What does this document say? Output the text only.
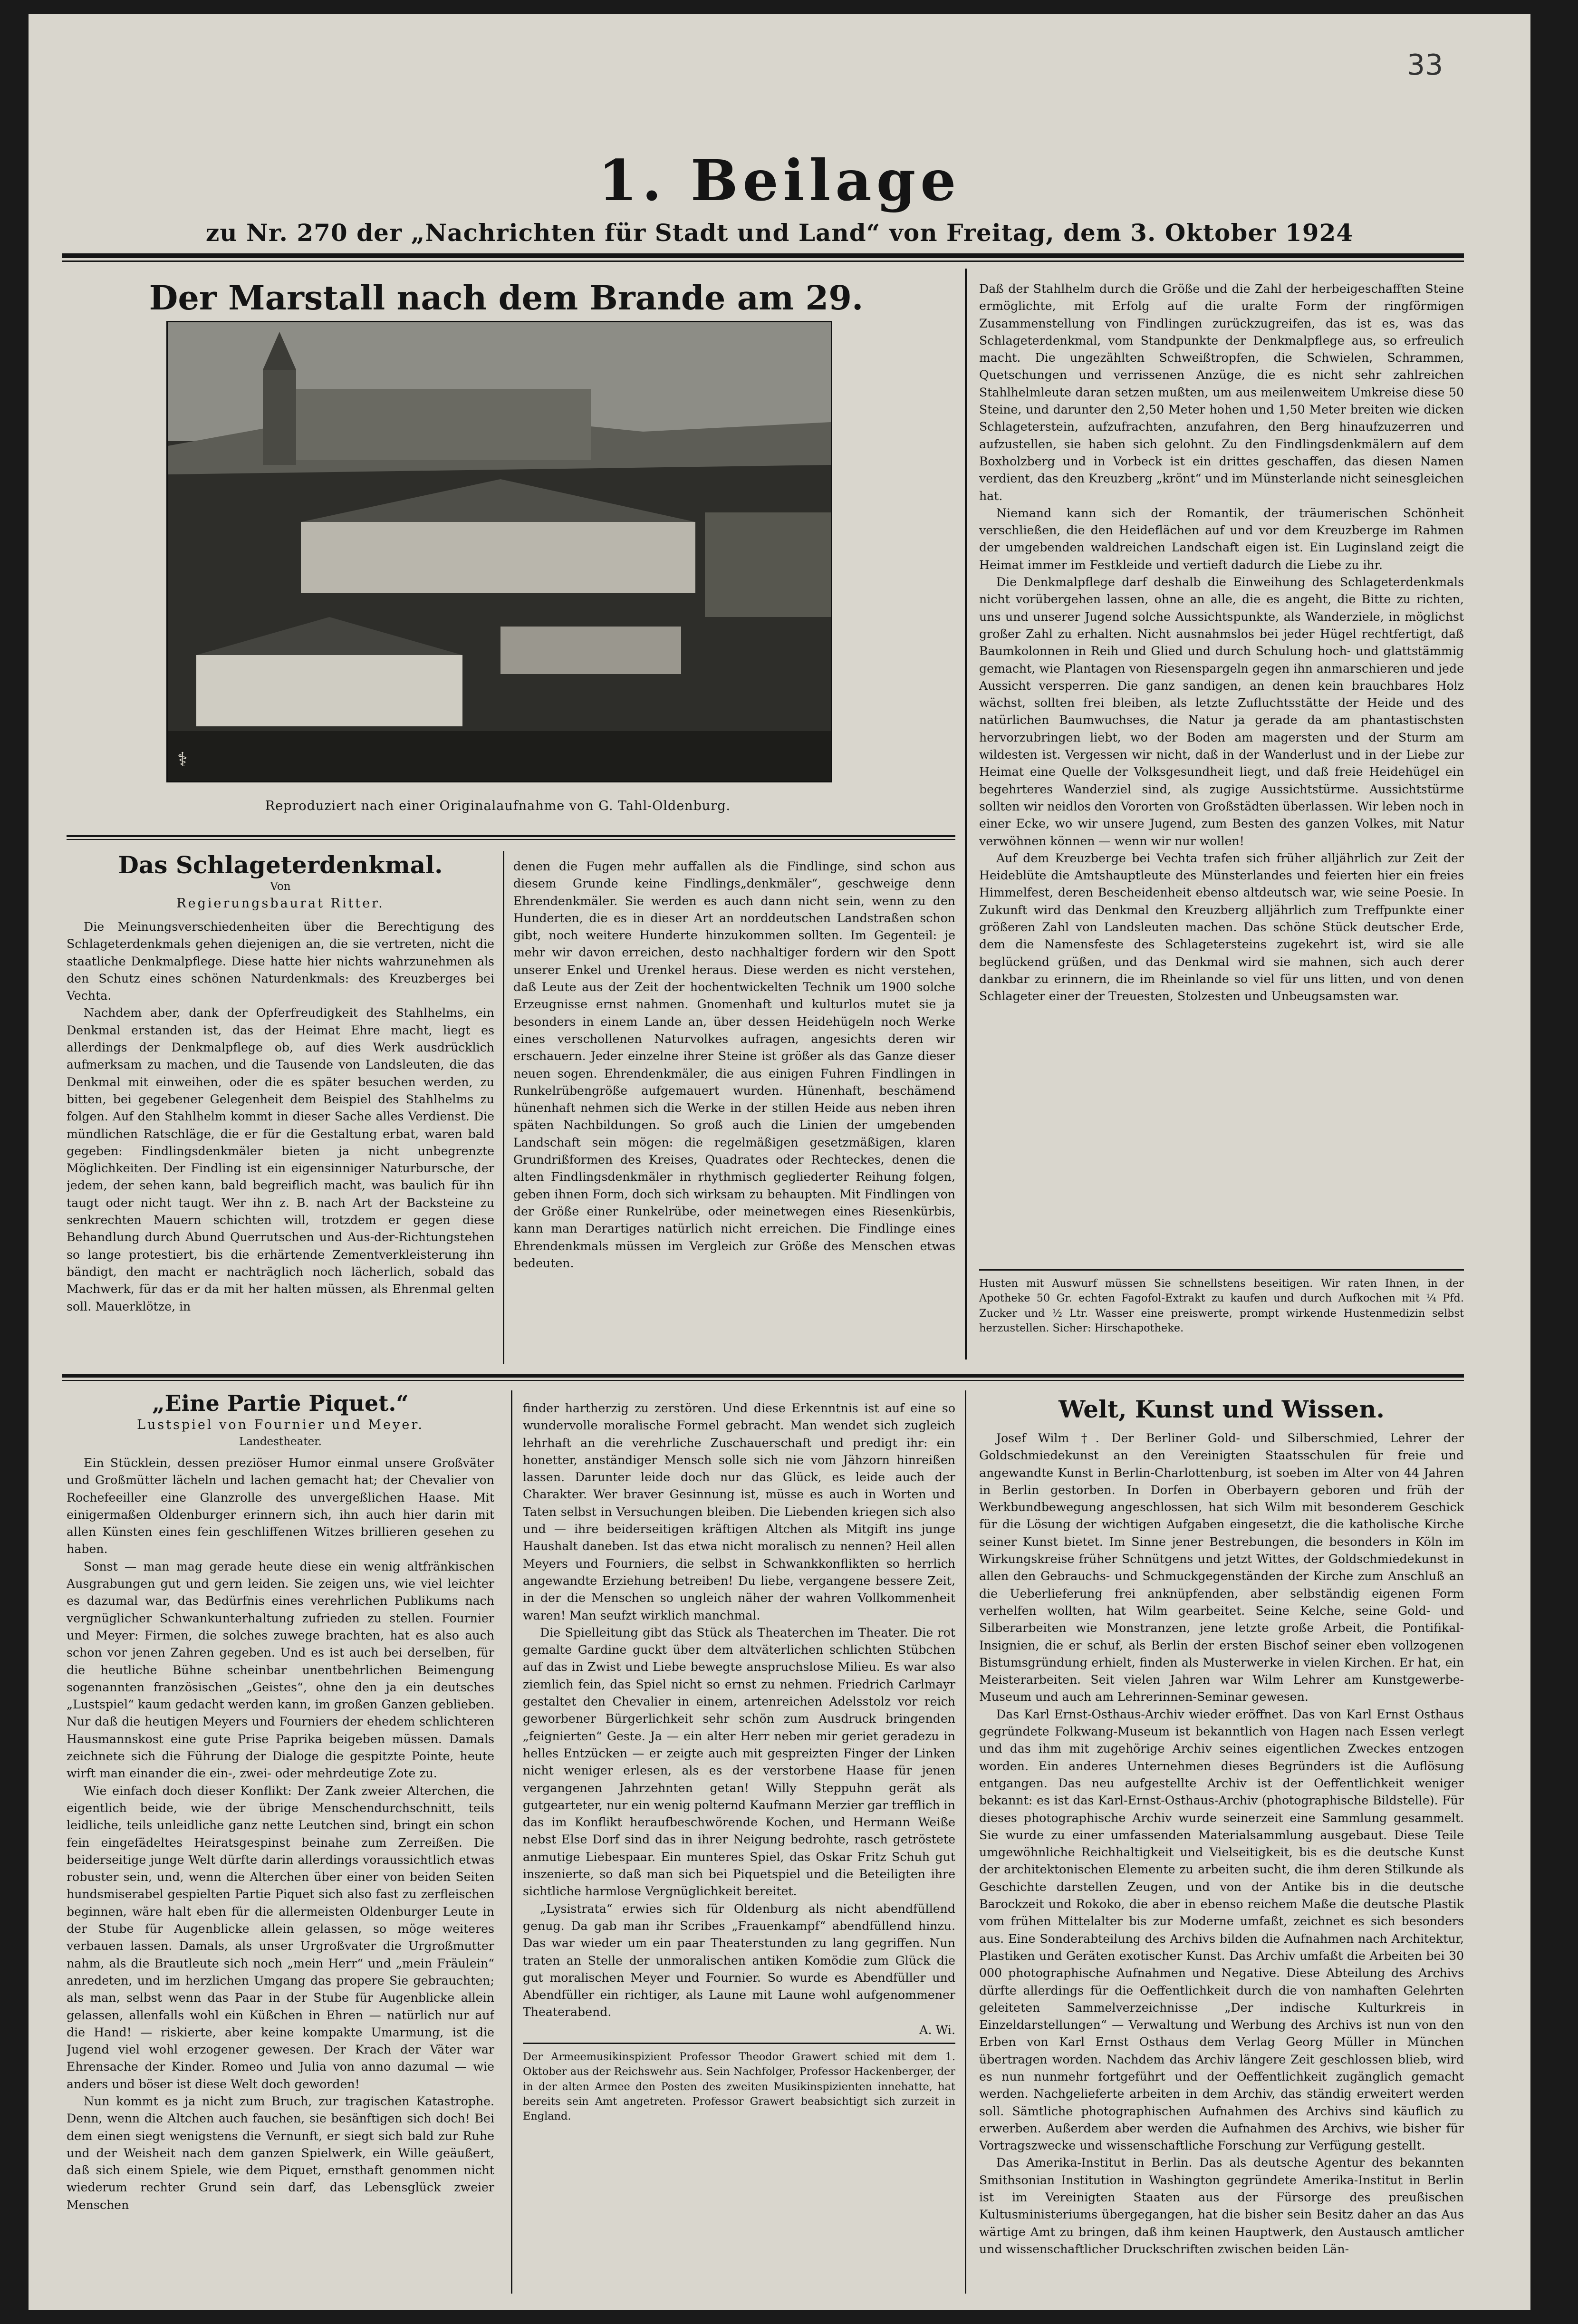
33
1. Beilage
zu Nr. 270 der „Nachrichten für Stadt und Land“ von Freitag, dem 3. Oktober 1924
Der Marstall nach dem Brande am 29.
⚕
Reproduziert nach einer Originalaufnahme von G. Tahl-Oldenburg.

Daß der Stahlhelm durch die Größe und die Zahl der herbeigeschafften Steine ermöglichte, mit Erfolg auf die uralte Form der ringförmigen Zusammenstellung von Findlingen zurückzugreifen, das ist es, was das Schlageterdenkmal, vom Standpunkte der Denkmalpflege aus, so erfreulich macht. Die ungezählten Schweißtropfen, die Schwielen, Schrammen, Quetschungen und verrissenen Anzüge, die es nicht sehr zahlreichen Stahlhelmleute daran setzen mußten, um aus meilenweitem Umkreise diese 50 Steine, und darunter den 2,50 Meter hohen und 1,50 Meter breiten wie dicken Schlageterstein, aufzufrachten, anzufahren, den Berg hinaufzuzerren und aufzustellen, sie haben sich gelohnt. Zu den Findlingsdenkmälern auf dem Boxholzberg und in Vorbeck ist ein drittes geschaffen, das diesen Namen verdient, das den Kreuzberg „krönt“ und im Münsterlande nicht seinesgleichen hat.

Niemand kann sich der Romantik, der träumerischen Schönheit verschließen, die den Heideflächen auf und vor dem Kreuzberge im Rahmen der umgebenden waldreichen Landschaft eigen ist. Ein Luginsland zeigt die Heimat immer im Festkleide und vertieft dadurch die Liebe zu ihr.

Die Denkmalpflege darf deshalb die Einweihung des Schlageterdenkmals nicht vorübergehen lassen, ohne an alle, die es angeht, die Bitte zu richten, uns und unserer Jugend solche Aussichtspunkte, als Wanderziele, in möglichst großer Zahl zu erhalten. Nicht ausnahmslos bei jeder Hügel rechtfertigt, daß Baumkolonnen in Reih und Glied und durch Schulung hoch- und glattstämmig gemacht, wie Plantagen von Riesenspargeln gegen ihn anmarschieren und jede Aussicht versperren. Die ganz sandigen, an denen kein brauchbares Holz wächst, sollten frei bleiben, als letzte Zufluchtsstätte der Heide und des natürlichen Baumwuchses, die Natur ja gerade da am phantastischsten hervorzubringen liebt, wo der Boden am magersten und der Sturm am wildesten ist. Vergessen wir nicht, daß in der Wanderlust und in der Liebe zur Heimat eine Quelle der Volksgesundheit liegt, und daß freie Heidehügel ein begehrteres Wanderziel sind, als zugige Aussichtstürme. Aussichtstürme sollten wir neidlos den Vororten von Großstädten überlassen. Wir leben noch in einer Ecke, wo wir unsere Jugend, zum Besten des ganzen Volkes, mit Natur verwöhnen können — wenn wir nur wollen!

Auf dem Kreuzberge bei Vechta trafen sich früher alljährlich zur Zeit der Heideblüte die Amtshauptleute des Münsterlandes und feierten hier ein freies Himmelfest, deren Bescheidenheit ebenso altdeutsch war, wie seine Poesie. In Zukunft wird das Denkmal den Kreuzberg alljährlich zum Treffpunkte einer größeren Zahl von Landsleuten machen. Das schöne Stück deutscher Erde, dem die Namensfeste des Schlagetersteins zugekehrt ist, wird sie alle beglückend grüßen, und das Denkmal wird sie mahnen, sich auch derer dankbar zu erinnern, die im Rheinlande so viel für uns litten, und von denen Schlageter einer der Treuesten, Stolzesten und Unbeugsamsten war.

Husten mit Auswurf müssen Sie schnellstens beseitigen. Wir raten Ihnen, in der Apotheke 50 Gr. echten Fagofol-Extrakt zu kaufen und durch Aufkochen mit ¼ Pfd. Zucker und ½ Ltr. Wasser eine preiswerte, prompt wirkende Hustenmedizin selbst herzustellen. Sicher: Hirschapotheke.
Das Schlageterdenkmal.
Von
Regierungsbaurat Ritter.

Die Meinungsverschiedenheiten über die Berechtigung des Schlageterdenkmals gehen diejenigen an, die sie vertreten, nicht die staatliche Denkmalpflege. Diese hatte hier nichts wahrzunehmen als den Schutz eines schönen Naturdenkmals: des Kreuzberges bei Vechta.

Nachdem aber, dank der Opferfreudigkeit des Stahlhelms, ein Denkmal erstanden ist, das der Heimat Ehre macht, liegt es allerdings der Denkmalpflege ob, auf dies Werk ausdrücklich aufmerksam zu machen, und die Tausende von Landsleuten, die das Denkmal mit einweihen, oder die es später besuchen werden, zu bitten, bei gegebener Gelegenheit dem Beispiel des Stahlhelms zu folgen. Auf den Stahlhelm kommt in dieser Sache alles Verdienst. Die mündlichen Ratschläge, die er für die Gestaltung erbat, waren bald gegeben: Findlingsdenkmäler bieten ja nicht unbegrenzte Möglichkeiten. Der Findling ist ein eigensinniger Naturbursche, der jedem, der sehen kann, bald begreiflich macht, was baulich für ihn taugt oder nicht taugt. Wer ihn z. B. nach Art der Backsteine zu senkrechten Mauern schichten will, trotzdem er gegen diese Behandlung durch Abund Querrutschen und Aus-der-Richtungstehen so lange protestiert, bis die erhärtende Zementverkleisterung ihn bändigt, den macht er nachträglich noch lächerlich, sobald das Machwerk, für das er da mit her halten müssen, als Ehrenmal gelten soll. Mauerklötze, in

denen die Fugen mehr auffallen als die Findlinge, sind schon aus diesem Grunde keine Findlings„denkmäler“, geschweige denn Ehrendenkmäler. Sie werden es auch dann nicht sein, wenn zu den Hunderten, die es in dieser Art an norddeutschen Landstraßen schon gibt, noch weitere Hunderte hinzukommen sollten. Im Gegenteil: je mehr wir davon erreichen, desto nachhaltiger fordern wir den Spott unserer Enkel und Urenkel heraus. Diese werden es nicht verstehen, daß Leute aus der Zeit der hochentwickelten Technik um 1900 solche Erzeugnisse ernst nahmen. Gnomenhaft und kulturlos mutet sie ja besonders in einem Lande an, über dessen Heidehügeln noch Werke eines verschollenen Naturvolkes aufragen, angesichts deren wir erschauern. Jeder einzelne ihrer Steine ist größer als das Ganze dieser neuen sogen. Ehrendenkmäler, die aus einigen Fuhren Findlingen in Runkelrübengröße aufgemauert wurden. Hünenhaft, beschämend hünenhaft nehmen sich die Werke in der stillen Heide aus neben ihren späten Nachbildungen. So groß auch die Linien der umgebenden Landschaft sein mögen: die regelmäßigen gesetzmäßigen, klaren Grundrißformen des Kreises, Quadrates oder Rechteckes, denen die alten Findlingsdenkmäler in rhythmisch gegliederter Reihung folgen, geben ihnen Form, doch sich wirksam zu behaupten. Mit Findlingen von der Größe einer Runkelrübe, oder meinetwegen eines Riesenkürbis, kann man Derartiges natürlich nicht erreichen. Die Findlinge eines Ehrendenkmals müssen im Vergleich zur Größe des Menschen etwas bedeuten.

„Eine Partie Piquet.“
Lustspiel von Fournier und Meyer.
Landestheater.

Ein Stücklein, dessen preziöser Humor einmal unsere Großväter und Großmütter lächeln und lachen gemacht hat; der Chevalier von Rochefeeiller eine Glanzrolle des unvergeßlichen Haase. Mit einigermaßen Oldenburger erinnern sich, ihn auch hier darin mit allen Künsten eines fein geschliffenen Witzes brillieren gesehen zu haben.

Sonst — man mag gerade heute diese ein wenig altfränkischen Ausgrabungen gut und gern leiden. Sie zeigen uns, wie viel leichter es dazumal war, das Bedürfnis eines verehrlichen Publikums nach vergnüglicher Schwankunterhaltung zufrieden zu stellen. Fournier und Meyer: Firmen, die solches zuwege brachten, hat es also auch schon vor jenen Zahren gegeben. Und es ist auch bei derselben, für die heutliche Bühne scheinbar unentbehrlichen Beimengung sogenannten französischen „Geistes“, ohne den ja ein deutsches „Lustspiel“ kaum gedacht werden kann, im großen Ganzen geblieben. Nur daß die heutigen Meyers und Fourniers der ehedem schlichteren Hausmannskost eine gute Prise Paprika beigeben müssen. Damals zeichnete sich die Führung der Dialoge die gespitzte Pointe, heute wirft man einander die ein-, zwei- oder mehrdeutige Zote zu.

Wie einfach doch dieser Konflikt: Der Zank zweier Alterchen, die eigentlich beide, wie der übrige Menschendurchschnitt, teils leidliche, teils unleidliche ganz nette Leutchen sind, bringt ein schon fein eingefädeltes Heiratsgespinst beinahe zum Zerreißen. Die beiderseitige junge Welt dürfte darin allerdings voraussichtlich etwas robuster sein, und, wenn die Alterchen über einer von beiden Seiten hundsmiserabel gespielten Partie Piquet sich also fast zu zerfleischen beginnen, wäre halt eben für die allermeisten Oldenburger Leute in der Stube für Augenblicke allein gelassen, so möge weiteres verbauen lassen. Damals, als unser Urgroßvater die Urgroßmutter nahm, als die Brautleute sich noch „mein Herr“ und „mein Fräulein“ anredeten, und im herzlichen Umgang das propere Sie gebrauchten; als man, selbst wenn das Paar in der Stube für Augenblicke allein gelassen, allenfalls wohl ein Küßchen in Ehren — natürlich nur auf die Hand! — riskierte, aber keine kompakte Umarmung, ist die Jugend viel wohl erzogener gewesen. Der Krach der Väter war Ehrensache der Kinder. Romeo und Julia von anno dazumal — wie anders und böser ist diese Welt doch geworden!

Nun kommt es ja nicht zum Bruch, zur tragischen Katastrophe. Denn, wenn die Altchen auch fauchen, sie besänftigen sich doch! Bei dem einen siegt wenigstens die Vernunft, er siegt sich bald zur Ruhe und der Weisheit nach dem ganzen Spielwerk, ein Wille geäußert, daß sich einem Spiele, wie dem Piquet, ernsthaft genommen nicht wiederum rechter Grund sein darf, das Lebensglück zweier Menschen

finder hartherzig zu zerstören. Und diese Erkenntnis ist auf eine so wundervolle moralische Formel gebracht. Man wendet sich zugleich lehrhaft an die verehrliche Zuschauerschaft und predigt ihr: ein honetter, anständiger Mensch solle sich nie vom Jähzorn hinreißen lassen. Darunter leide doch nur das Glück, es leide auch der Charakter. Wer braver Gesinnung ist, müsse es auch in Worten und Taten selbst in Versuchungen bleiben. Die Liebenden kriegen sich also und — ihre beiderseitigen kräftigen Altchen als Mitgift ins junge Haushalt daneben. Ist das etwa nicht moralisch zu nennen? Heil allen Meyers und Fourniers, die selbst in Schwankkonflikten so herrlich angewandte Erziehung betreiben! Du liebe, vergangene bessere Zeit, in der die Menschen so ungleich näher der wahren Vollkommenheit waren! Man seufzt wirklich manchmal.

Die Spielleitung gibt das Stück als Theaterchen im Theater. Die rot gemalte Gardine guckt über dem altväterlichen schlichten Stübchen auf das in Zwist und Liebe bewegte anspruchslose Milieu. Es war also ziemlich fein, das Spiel nicht so ernst zu nehmen. Friedrich Carlmayr gestaltet den Chevalier in einem, artenreichen Adelsstolz vor reich geworbener Bürgerlichkeit sehr schön zum Ausdruck bringenden „feignierten“ Geste. Ja — ein alter Herr neben mir geriet geradezu in helles Entzücken — er zeigte auch mit gespreizten Finger der Linken nicht weniger erlesen, als es der verstorbene Haase für jenen vergangenen Jahrzehnten getan! Willy Steppuhn gerät als gutgearteter, nur ein wenig polternd Kaufmann Merzier gar trefflich in das im Konflikt heraufbeschwörende Kochen, und Hermann Weiße nebst Else Dorf sind das in ihrer Neigung bedrohte, rasch getröstete anmutige Liebespaar. Ein munteres Spiel, das Oskar Fritz Schuh gut inszenierte, so daß man sich bei Piquetspiel und die Beteiligten ihre sichtliche harmlose Vergnüglichkeit bereitet.

„Lysistrata“ erwies sich für Oldenburg als nicht abendfüllend genug. Da gab man ihr Scribes „Frauenkampf“ abendfüllend hinzu. Das war wieder um ein paar Theaterstunden zu lang gegriffen. Nun traten an Stelle der unmoralischen antiken Komödie zum Glück die gut moralischen Meyer und Fournier. So wurde es Abendfüller und Abendfüller ein richtiger, als Laune mit Laune wohl aufgenommener Theaterabend.

A. Wi.

Der Armeemusikinspizient Professor Theodor Grawert schied mit dem 1. Oktober aus der Reichswehr aus. Sein Nachfolger, Professor Hackenberger, der in der alten Armee den Posten des zweiten Musikinspizienten innehatte, hat bereits sein Amt angetreten. Professor Grawert beabsichtigt sich zurzeit in England.

Welt, Kunst und Wissen.

Josef Wilm †. Der Berliner Gold- und Silberschmied, Lehrer der Goldschmiedekunst an den Vereinigten Staatsschulen für freie und angewandte Kunst in Berlin-Charlottenburg, ist soeben im Alter von 44 Jahren in Berlin gestorben. In Dorfen in Oberbayern geboren und früh der Werkbundbewegung angeschlossen, hat sich Wilm mit besonderem Geschick für die Lösung der wichtigen Aufgaben eingesetzt, die die katholische Kirche seiner Kunst bietet. Im Sinne jener Bestrebungen, die besonders in Köln im Wirkungskreise früher Schnütgens und jetzt Wittes, der Goldschmiedekunst in allen den Gebrauchs- und Schmuckgegenständen der Kirche zum Anschluß an die Ueberlieferung frei anknüpfenden, aber selbständig eigenen Form verhelfen wollten, hat Wilm gearbeitet. Seine Kelche, seine Gold- und Silberarbeiten wie Monstranzen, jene letzte große Arbeit, die Pontifikal-Insignien, die er schuf, als Berlin der ersten Bischof seiner eben vollzogenen Bistumsgründung erhielt, finden als Musterwerke in vielen Kirchen. Er hat, ein Meisterarbeiten. Seit vielen Jahren war Wilm Lehrer am Kunstgewerbe-Museum und auch am Lehrerinnen-Seminar gewesen.

Das Karl Ernst-Osthaus-Archiv wieder eröffnet. Das von Karl Ernst Osthaus gegründete Folkwang-Museum ist bekanntlich von Hagen nach Essen verlegt und das ihm mit zugehörige Archiv seines eigentlichen Zweckes entzogen worden. Ein anderes Unternehmen dieses Begründers ist die Auflösung entgangen. Das neu aufgestellte Archiv ist der Oeffentlichkeit weniger bekannt: es ist das Karl-Ernst-Osthaus-Archiv (photographische Bildstelle). Für dieses photographische Archiv wurde seinerzeit eine Sammlung gesammelt. Sie wurde zu einer umfassenden Materialsammlung ausgebaut. Diese Teile umgewöhnliche Reichhaltigkeit und Vielseitigkeit, bis es die deutsche Kunst der architektonischen Elemente zu arbeiten sucht, die ihm deren Stilkunde als Geschichte darstellen Zeugen, und von der Antike bis in die deutsche Barockzeit und Rokoko, die aber in ebenso reichem Maße die deutsche Plastik vom frühen Mittelalter bis zur Moderne umfaßt, zeichnet es sich besonders aus. Eine Sonderabteilung des Archivs bilden die Aufnahmen nach Architektur, Plastiken und Geräten exotischer Kunst. Das Archiv umfaßt die Arbeiten bei 30 000 photographische Aufnahmen und Negative. Diese Abteilung des Archivs dürfte allerdings für die Oeffentlichkeit durch die von namhaften Gelehrten geleiteten Sammelverzeichnisse „Der indische Kulturkreis in Einzeldarstellungen“ — Verwaltung und Werbung des Archivs ist nun von den Erben von Karl Ernst Osthaus dem Verlag Georg Müller in München übertragen worden. Nachdem das Archiv längere Zeit geschlossen blieb, wird es nun nunmehr fortgeführt und der Oeffentlichkeit zugänglich gemacht werden. Nachgelieferte arbeiten in dem Archiv, das ständig erweitert werden soll. Sämtliche photographischen Aufnahmen des Archivs sind käuflich zu erwerben. Außerdem aber werden die Aufnahmen des Archivs, wie bisher für Vortragszwecke und wissenschaftliche Forschung zur Verfügung gestellt.

Das Amerika-Institut in Berlin. Das als deutsche Agentur des bekannten Smithsonian Institution in Washington gegründete Amerika-Institut in Berlin ist im Vereinigten Staaten aus der Fürsorge des preußischen Kultusministeriums übergegangen, hat die bisher sein Besitz daher an das Aus wärtige Amt zu bringen, daß ihm keinen Hauptwerk, den Austausch amtlicher und wissenschaftlicher Druckschriften zwischen beiden Län-
